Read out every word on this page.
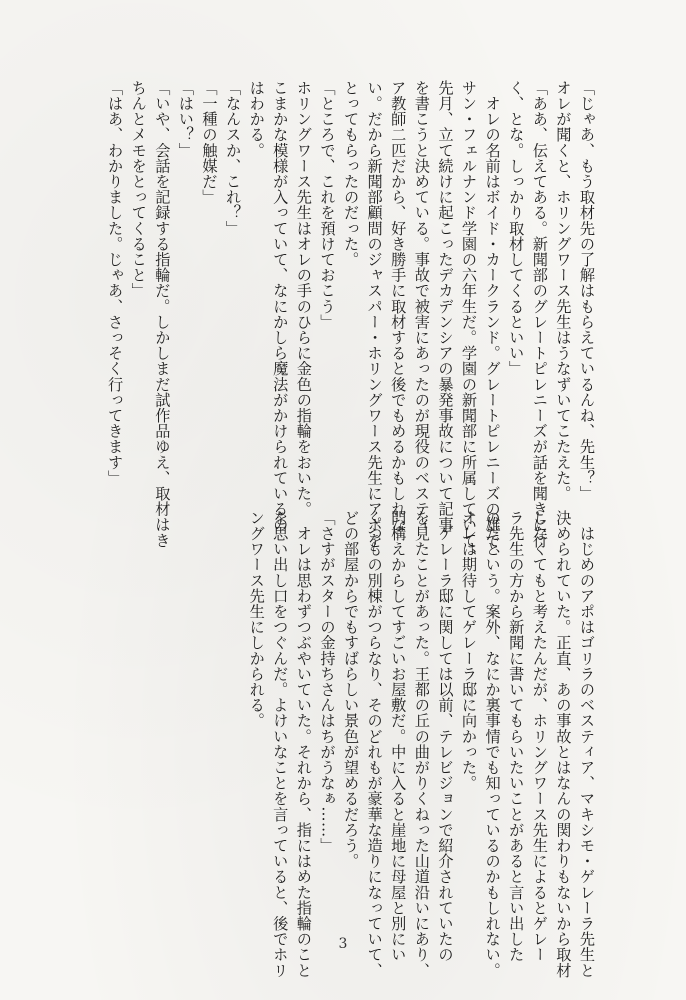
「じゃあ、もう取材先の了解はもらえているんね、先生？」
オレが聞くと、ホリングワース先生はうなずいてこたえた。
「ああ、伝えてある。新聞部のグレートピレニーズが話を聞きに行
く、とな。しっかり取材してくるといい」
　オレの名前はボイド・カークランド。グレートピレニーズの雄で、
サン・フェルナンド学園の六年生だ。学園の新聞部に所属していて、
先月、立て続けに起こったデカデンシアの暴発事故について記事
を書こうと決めている。事故で被害にあったのが現役のベスティ
ア教師二匹だから、好き勝手に取材すると後でもめるかもしれな
い。だから新聞部顧問のジャスパー・ホリングワース先生にアポを
とってもらったのだった。
「ところで、これを預けておこう」
ホリングワース先生はオレの手のひらに金色の指輪をおいた。
こまかな模様が入っていて、なにかしら魔法がかけられているの
はわかる。
「なんスか、これ？」
「一種の触媒だ」
「はい？」
「いや、会話を記録する指輪だ。しかしまだ試作品ゆえ、取材はき
ちんとメモをとってくること」
「はあ、わかりました。じゃあ、さっそく行ってきます」
　はじめのアポはゴリラのベスティア、マキシモ・ゲレーラ先生と
決められていた。正直、あの事故とはなんの関わりもないから取材
しなくてもと考えたんだが、ホリングワース先生によるとゲレー
ラ先生の方から新聞に書いてもらいたいことがあると言い出した
のだという。案外、なにか裏事情でも知っているのかもしれない。
オレは期待してゲレーラ邸に向かった。
　ゲレーラ邸に関しては以前、テレビジョンで紹介されていたの
を見たことがあった。王都の丘の曲がりくねった山道沿いにあり、
門構えからしてすごいお屋敷だ。中に入ると崖地に母屋と別にい
くつもの別棟がつらなり、そのどれもが豪華な造りになっていて、
どの部屋からでもすばらしい景色が望めるだろう。
「さすがスターの金持ちさんはちがうなぁ……」
　オレは思わずつぶやいていた。それから、指にはめた指輪のこと
を思い出し口をつぐんだ。よけいなことを言っていると、後でホリ
ングワース先生にしかられる。
3
